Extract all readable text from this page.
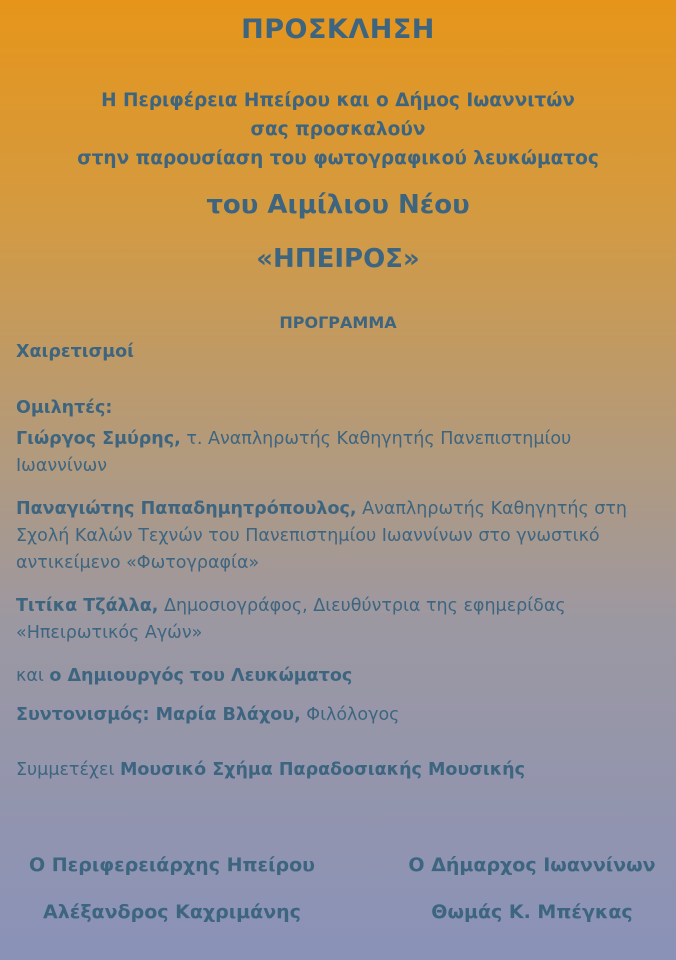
ΠΡΟΣΚΛΗΣΗ
Η Περιφέρεια Ηπείρου και ο Δήμος Ιωαννιτών
σας προσκαλούν
στην παρουσίαση του φωτογραφικού λευκώματος
του Αιμίλιου Νέου
«ΗΠΕΙΡΟΣ»
ΠΡΟΓΡΑΜΜΑ
Χαιρετισμοί
Ομιλητές:
Γιώργος Σμύρης, τ. Αναπληρωτής Καθηγητής Πανεπιστημίου Ιωαννίνων
Παναγιώτης Παπαδημητρόπουλος, Αναπληρωτής Καθηγητής στη Σχολή Καλών Τεχνών του Πανεπιστημίου Ιωαννίνων στο γνωστικό αντικείμενο «Φωτογραφία»
Τιτίκα Τζάλλα, Δημοσιογράφος, Διευθύντρια της εφημερίδας «Ηπειρωτικός Αγών»
και ο Δημιουργός του Λευκώματος
Συντονισμός: Μαρία Βλάχου, Φιλόλογος
Συμμετέχει Μουσικό Σχήμα Παραδοσιακής Μουσικής
Ο Περιφερειάρχης Ηπείρου
Αλέξανδρος Καχριμάνης
Ο Δήμαρχος Ιωαννίνων
Θωμάς Κ. Μπέγκας
